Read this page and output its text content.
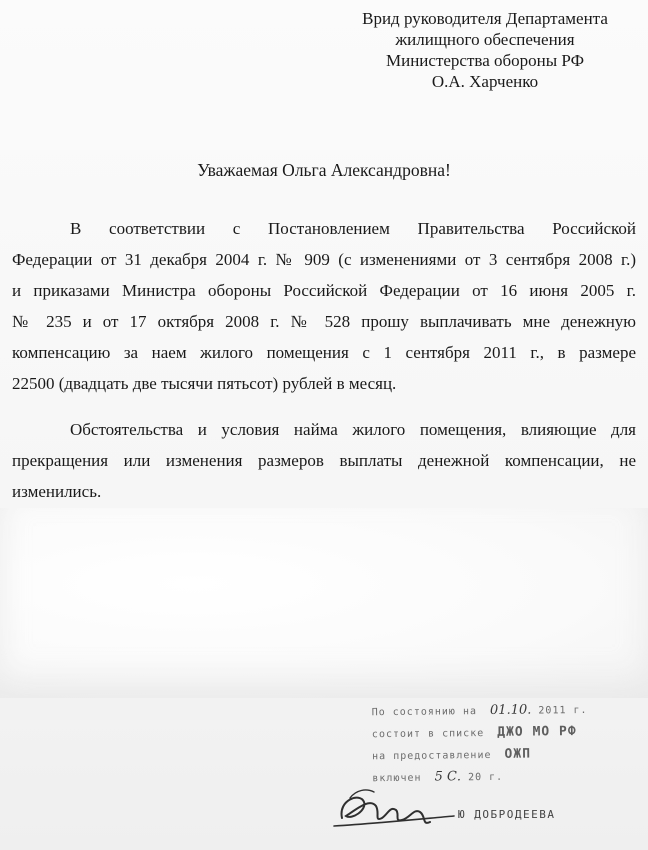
Врид руководителя Департамента
жилищного обеспечения
Министерства обороны РФ
О.А. Харченко
Уважаемая Ольга Александровна!
В соответствии с Постановлением Правительства Российской
Федерации от 31 декабря 2004 г. № 909 (с изменениями от 3 сентября 2008 г.)
и приказами Министра обороны Российской Федерации от 16 июня 2005 г.
№ 235 и от 17 октября 2008 г. № 528 прошу выплачивать мне денежную
компенсацию за наем жилого помещения с 1 сентября 2011 г., в размере
22500 (двадцать две тысячи пятьсот) рублей в месяц.
Обстоятельства и условия найма жилого помещения, влияющие для
прекращения или изменения размеров выплаты денежной компенсации, не
изменились.
По состоянию на 01.10. 2011 г.
состоит в списке ДЖО МО РФ
на предоставление ОЖП
включен 5 С. 20 г.
Ю ДОБРОДЕЕВА
